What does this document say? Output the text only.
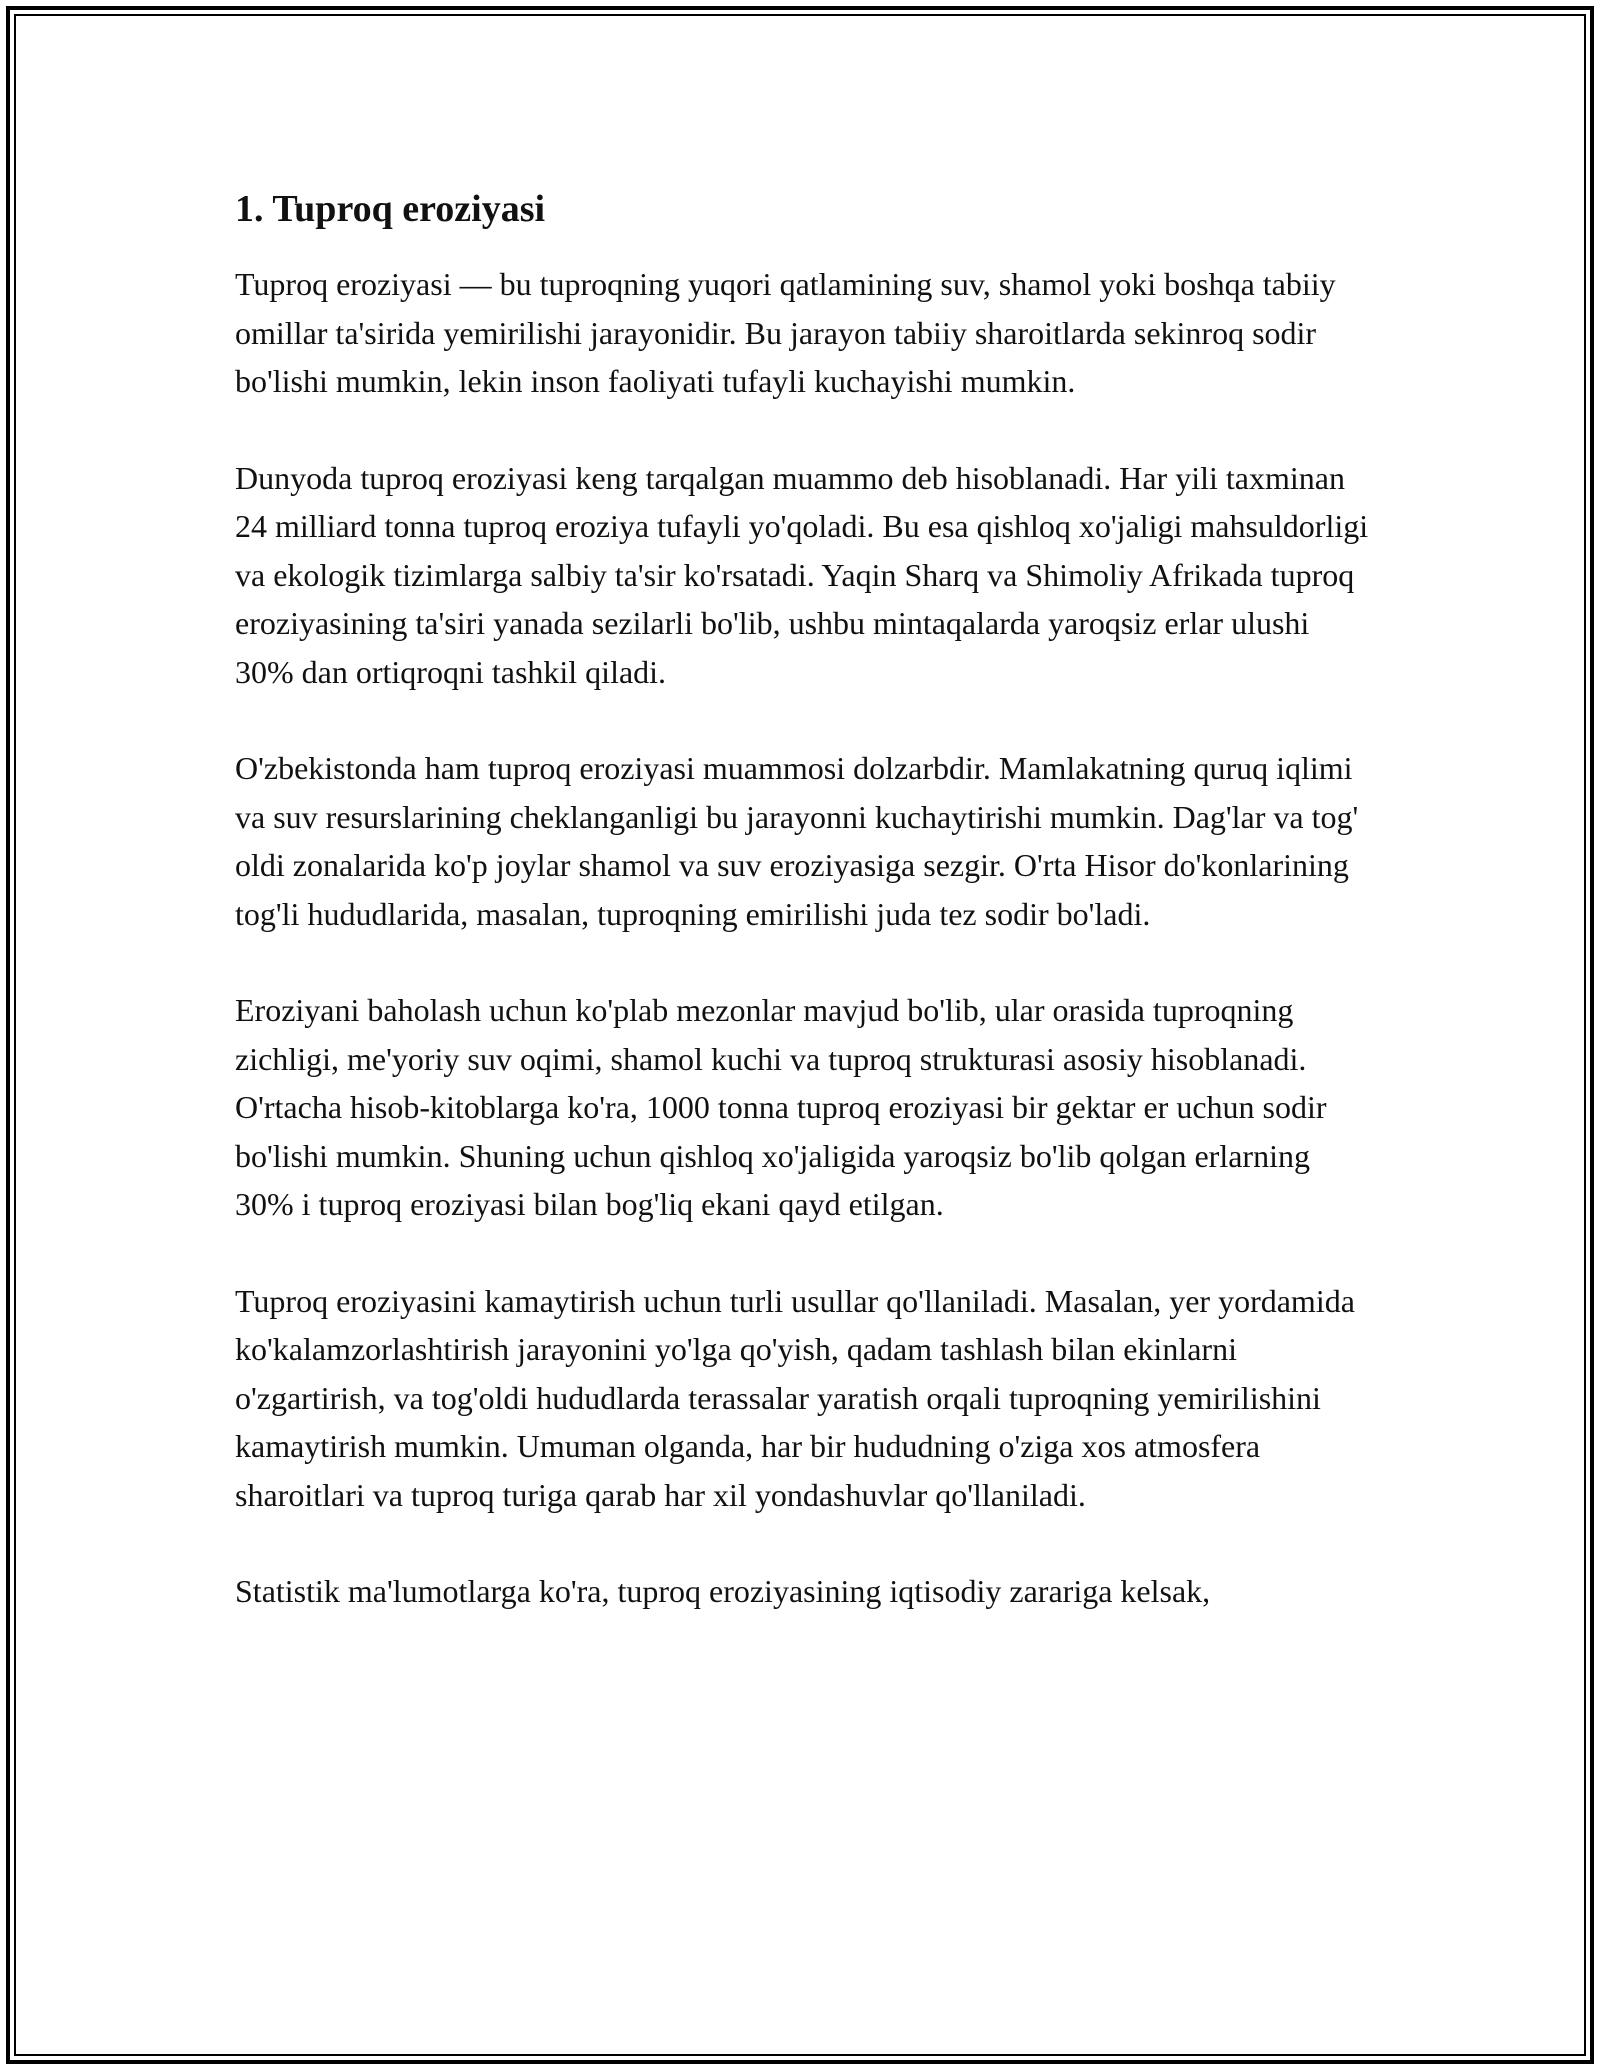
1. Tuproq eroziyasi

Tuproq eroziyasi — bu tuproqning yuqori qatlamining suv, shamol yoki boshqa tabiiy omillar ta'sirida yemirilishi jarayonidir. Bu jarayon tabiiy sharoitlarda sekinroq sodir bo'lishi mumkin, lekin inson faoliyati tufayli kuchayishi mumkin.

Dunyoda tuproq eroziyasi keng tarqalgan muammo deb hisoblanadi. Har yili taxminan 24 milliard tonna tuproq eroziya tufayli yo'qoladi. Bu esa qishloq xo'jaligi mahsuldorligi va ekologik tizimlarga salbiy ta'sir ko'rsatadi. Yaqin Sharq va Shimoliy Afrikada tuproq eroziyasining ta'siri yanada sezilarli bo'lib, ushbu mintaqalarda yaroqsiz erlar ulushi 30% dan ortiqroqni tashkil qiladi.

O'zbekistonda ham tuproq eroziyasi muammosi dolzarbdir. Mamlakatning quruq iqlimi va suv resurslarining cheklanganligi bu jarayonni kuchaytirishi mumkin. Dag'lar va tog' oldi zonalarida ko'p joylar shamol va suv eroziyasiga sezgir. O'rta Hisor do'konlarining tog'li hududlarida, masalan, tuproqning emirilishi juda tez sodir bo'ladi.

Eroziyani baholash uchun ko'plab mezonlar mavjud bo'lib, ular orasida tuproqning zichligi, me'yoriy suv oqimi, shamol kuchi va tuproq strukturasi asosiy hisoblanadi. O'rtacha hisob-kitoblarga ko'ra, 1000 tonna tuproq eroziyasi bir gektar er uchun sodir bo'lishi mumkin. Shuning uchun qishloq xo'jaligida yaroqsiz bo'lib qolgan erlarning 30% i tuproq eroziyasi bilan bog'liq ekani qayd etilgan.

Tuproq eroziyasini kamaytirish uchun turli usullar qo'llaniladi. Masalan, yer yordamida ko'kalamzorlashtirish jarayonini yo'lga qo'yish, qadam tashlash bilan ekinlarni o'zgartirish, va tog'oldi hududlarda terassalar yaratish orqali tuproqning yemirilishini kamaytirish mumkin. Umuman olganda, har bir hududning o'ziga xos atmosfera sharoitlari va tuproq turiga qarab har xil yondashuvlar qo'llaniladi.

Statistik ma'lumotlarga ko'ra, tuproq eroziyasining iqtisodiy zarariga kelsak,
